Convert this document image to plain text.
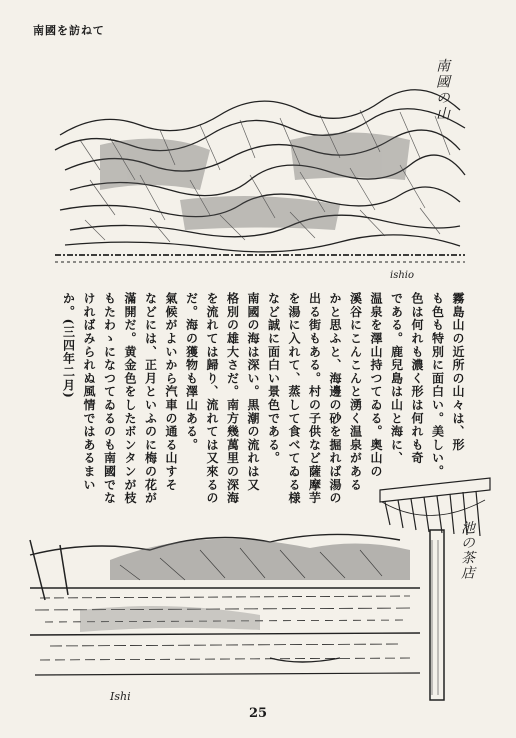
南國を訪ねて
ishio
南國の山
霧島山の近所の山々は、形
も色も特別に面白い。美しい。
色は何れも濃く形は何れも奇
である。鹿兒島は山と海に、
温泉を澤山持つてゐる。奥山の
溪谷にこんこんと湧く温泉がある
かと思ふと、海邊の砂を掘れば湯の
出る街もある。村の子供など薩摩芋
を湯に入れて、蒸して食べてゐる様
など誠に面白い景色である。
南國の海は深い。黒潮の流れは又
格別の雄大さだ。南方幾萬里の深海
を流れては歸り、流れては又來るの
だ。海の獲物も澤山ある。
氣候がよいから汽車の通る山すそ
などには、正月といふのに梅の花が
滿開だ。黄金色をしたボンタンが枝
もたわゝになつてゐるのも南國でな
ければみられぬ風情ではあるまい
か。(三四年二月)
Ishi
池の茶店
25
